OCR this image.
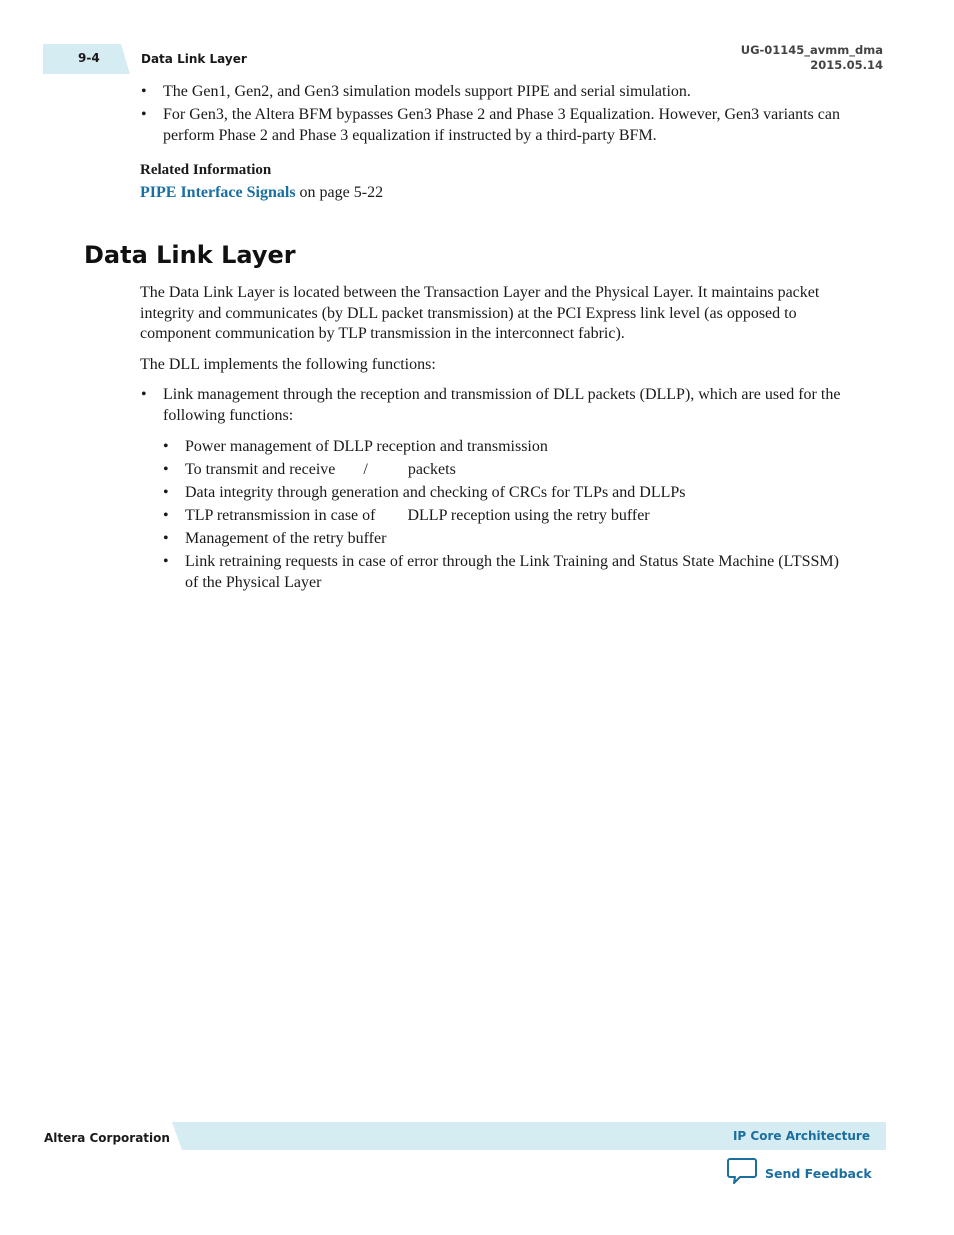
9-4	Data Link Layer
UG-01145_avmm_dma
2015.05.14
• The Gen1, Gen2, and Gen3 simulation models support PIPE and serial simulation.
• For Gen3, the Altera BFM bypasses Gen3 Phase 2 and Phase 3 Equalization. However, Gen3 variants can perform Phase 2 and Phase 3 equalization if instructed by a third-party BFM.
Related Information
PIPE Interface Signals on page 5-22
Data Link Layer
The Data Link Layer is located between the Transaction Layer and the Physical Layer. It maintains packet integrity and communicates (by DLL packet transmission) at the PCI Express link level (as opposed to component communication by TLP transmission in the interconnect fabric).
The DLL implements the following functions:
• Link management through the reception and transmission of DLL packets (DLLP), which are used for the following functions:
• Power management of DLLP reception and transmission
• To transmit and receive       /          packets
• Data integrity through generation and checking of CRCs for TLPs and DLLPs
• TLP retransmission in case of        DLLP reception using the retry buffer
• Management of the retry buffer
• Link retraining requests in case of error through the Link Training and Status State Machine (LTSSM) of the Physical Layer
Altera Corporation	IP Core Architecture
Send Feedback
